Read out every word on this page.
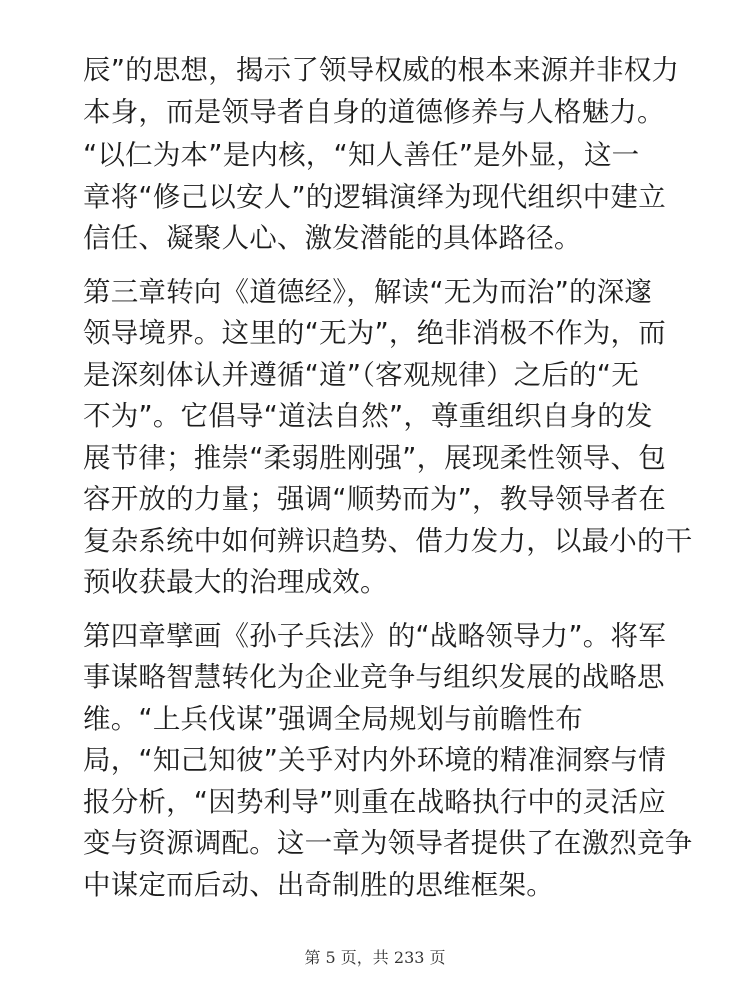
辰”的思想，揭示了领导权威的根本来源并非权力
本身，而是领导者自身的道德修养与人格魅力。
“以仁为本”是内核，“知人善任”是外显，这一
章将“修己以安人”的逻辑演绎为现代组织中建立
信任、凝聚人心、激发潜能的具体路径。
第三章转向《道德经》，解读“无为而治”的深邃
领导境界。这里的“无为”，绝非消极不作为，而
是深刻体认并遵循“道”（客观规律）之后的“无
不为”。它倡导“道法自然”，尊重组织自身的发
展节律；推崇“柔弱胜刚强”，展现柔性领导、包
容开放的力量；强调“顺势而为”，教导领导者在
复杂系统中如何辨识趋势、借力发力，以最小的干
预收获最大的治理成效。
第四章擘画《孙子兵法》的“战略领导力”。将军
事谋略智慧转化为企业竞争与组织发展的战略思
维。“上兵伐谋”强调全局规划与前瞻性布
局，“知己知彼”关乎对内外环境的精准洞察与情
报分析，“因势利导”则重在战略执行中的灵活应
变与资源调配。这一章为领导者提供了在激烈竞争
中谋定而后动、出奇制胜的思维框架。
第 5 页，共 233 页
